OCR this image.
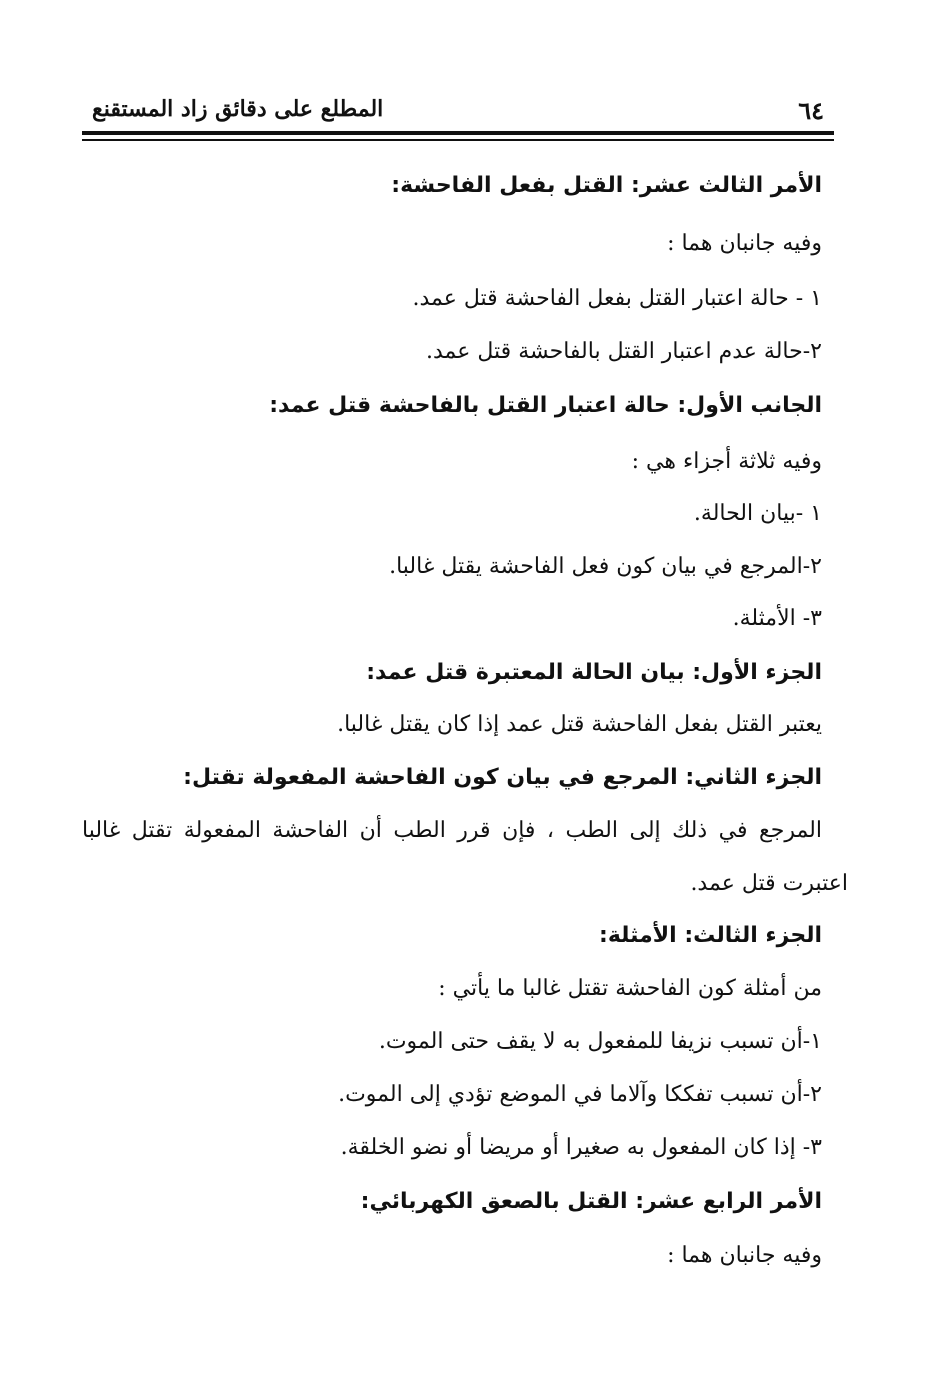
٦٤
المطلع على دقائق زاد المستقنع
الأمر الثالث عشر: القتل بفعل الفاحشة:
وفيه جانبان هما :
١ - حالة اعتبار القتل بفعل الفاحشة قتل عمد.
٢-حالة عدم اعتبار القتل بالفاحشة قتل عمد.
الجانب الأول: حالة اعتبار القتل بالفاحشة قتل عمد:
وفيه ثلاثة أجزاء هي :
١ -بيان الحالة.
٢-المرجع في بيان كون فعل الفاحشة يقتل غالبا.
٣- الأمثلة.
الجزء الأول: بيان الحالة المعتبرة قتل عمد:
يعتبر القتل بفعل الفاحشة قتل عمد إذا كان يقتل غالبا.
الجزء الثاني: المرجع في بيان كون الفاحشة المفعولة تقتل:
المرجع في ذلك إلى الطب ، فإن قرر الطب أن الفاحشة المفعولة تقتل غالبا
اعتبرت قتل عمد.
الجزء الثالث: الأمثلة:
من أمثلة كون الفاحشة تقتل غالبا ما يأتي :
١-أن تسبب نزيفا للمفعول به لا يقف حتى الموت.
٢-أن تسبب تفككا وآلاما في الموضع تؤدي إلى الموت.
٣- إذا كان المفعول به صغيرا أو مريضا أو نضو الخلقة.
الأمر الرابع عشر: القتل بالصعق الكهربائي:
وفيه جانبان هما :
